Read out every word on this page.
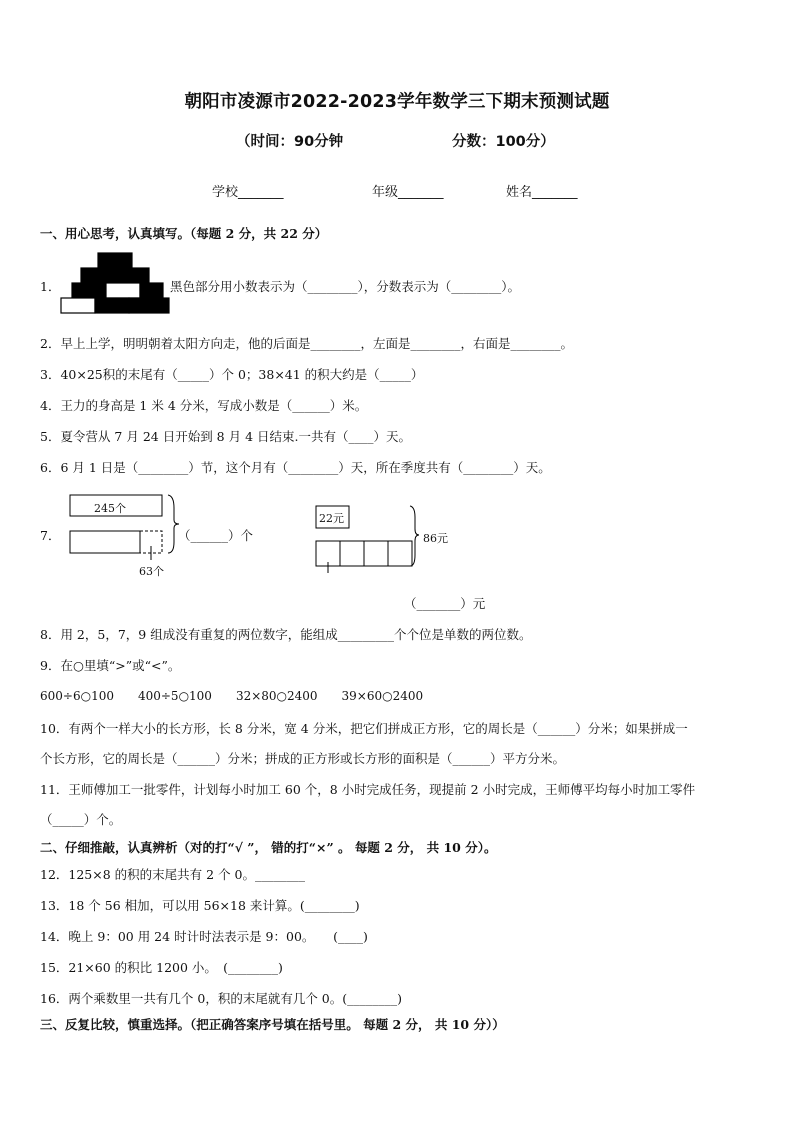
朝阳市凌源市2022-2023学年数学三下期末预测试题
（时间：90分钟	分数：100分）
学校_______	年级_______	姓名_______
一、用心思考，认真填写。（每题 2 分，共 22 分）
1．	黑色部分用小数表示为（________），分数表示为（________）。
2．早上上学，明明朝着太阳方向走，他的后面是________，左面是________，右面是________。
3．40×25积的末尾有（_____）个 0；38×41 的积大约是（_____）
4．王力的身高是 1 米 4 分米，写成小数是（______）米。
5．夏令营从 7 月 24 日开始到 8 月 4 日结束.一共有（____）天。
6．6 月 1 日是（________）节，这个月有（________）天，所在季度共有（________）天。
7．
245个
63个
（______）个
22元
86元
（_______）元
8．用 2，5，7，9 组成没有重复的两位数字，能组成_________个个位是单数的两位数。
9．在○里填“>”或“<”。
600÷6○100　　400÷5○100　　32×80○2400　　39×60○2400
10．有两个一样大小的长方形，长 8 分米，宽 4 分米，把它们拼成正方形，它的周长是（______）分米；如果拼成一
个长方形，它的周长是（______）分米；拼成的正方形或长方形的面积是（______）平方分米。
11．王师傅加工一批零件，计划每小时加工 60 个，8 小时完成任务，现提前 2 小时完成，王师傅平均每小时加工零件
（_____）个。
二、仔细推敲，认真辨析（对的打“√ ”， 错的打“×” 。 每题 2 分， 共 10 分）。
12．125×8 的积的末尾共有 2 个 0。________
13．18 个 56 相加，可以用 56×18 来计算。(________)
14．晚上 9：00 用 24 时计时法表示是 9：00。　　(____)
15．21×60 的积比 1200 小。　(________)
16．两个乘数里一共有几个 0，积的末尾就有几个 0。(________)
三、反复比较，慎重选择。（把正确答案序号填在括号里。 每题 2 分， 共 10 分））
